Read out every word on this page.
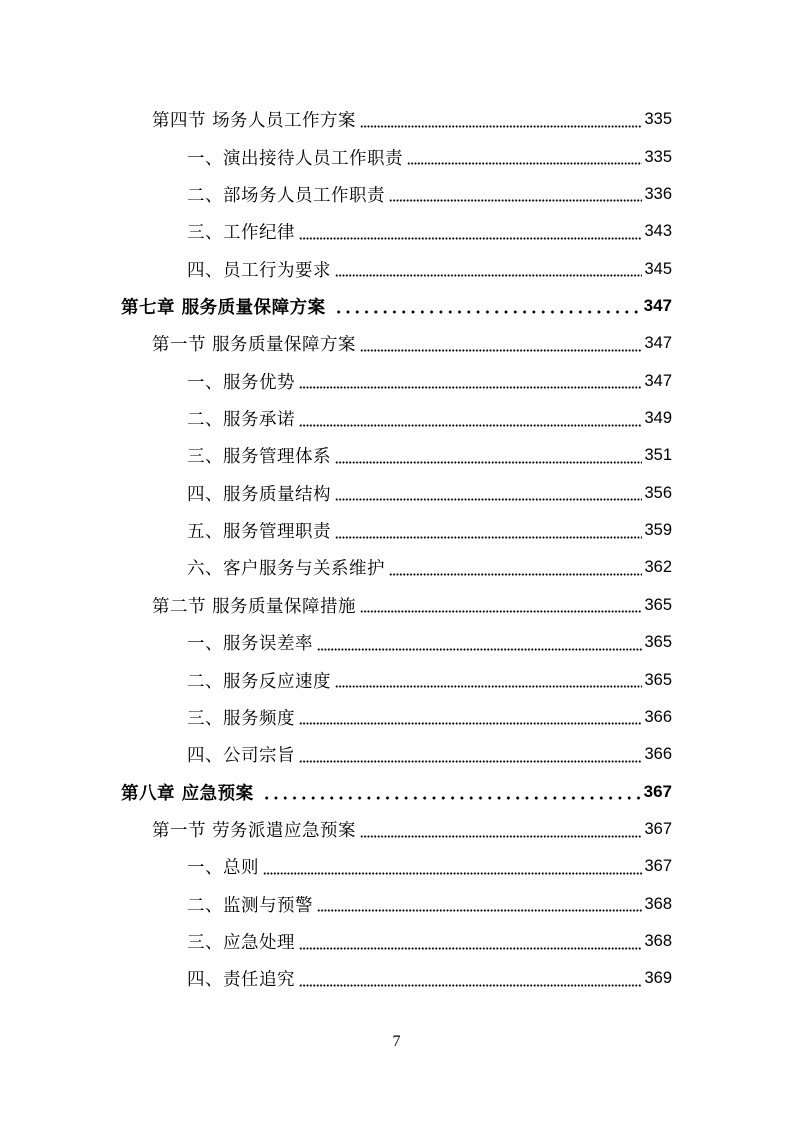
第四节 场务人员工作方案	335
一、演出接待人员工作职责	335
二、部场务人员工作职责	336
三、工作纪律	343
四、员工行为要求	345
第七章 服务质量保障方案	347
第一节 服务质量保障方案	347
一、服务优势	347
二、服务承诺	349
三、服务管理体系	351
四、服务质量结构	356
五、服务管理职责	359
六、客户服务与关系维护	362
第二节 服务质量保障措施	365
一、服务误差率	365
二、服务反应速度	365
三、服务频度	366
四、公司宗旨	366
第八章 应急预案	367
第一节 劳务派遣应急预案	367
一、总则	367
二、监测与预警	368
三、应急处理	368
四、责任追究	369
7
